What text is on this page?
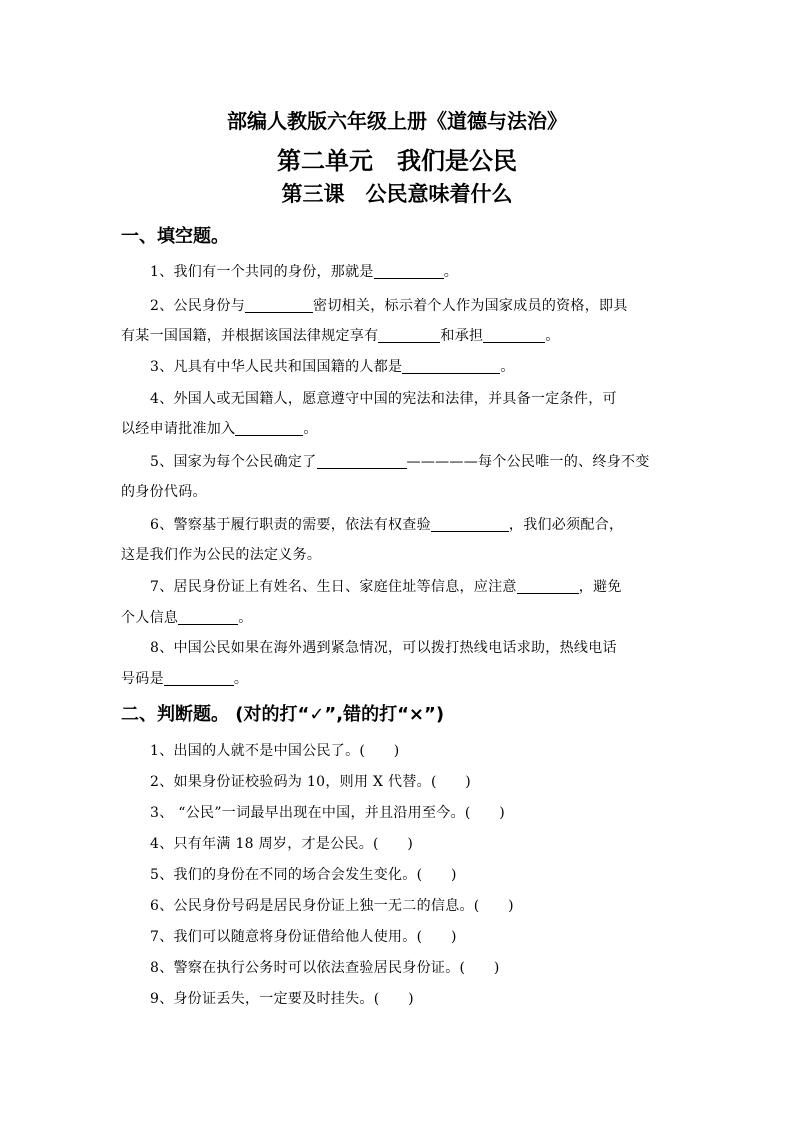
部编人教版六年级上册《道德与法治》
第二单元　我们是公民
第三课　公民意味着什么
一、填空题。
1、我们有一个共同的身份，那就是	。
2、公民身份与	密切相关，标示着个人作为国家成员的资格，即具
有某一国国籍，并根据该国法律规定享有	和承担	。
3、凡具有中华人民共和国国籍的人都是	。
4、外国人或无国籍人，愿意遵守中国的宪法和法律，并具备一定条件，可
以经申请批准加入	。
5、国家为每个公民确定了	—————每个公民唯一的、终身不变
的身份代码。
6、警察基于履行职责的需要，依法有权查验	，我们必须配合，
这是我们作为公民的法定义务。
7、居民身份证上有姓名、生日、家庭住址等信息，应注意	，避免
个人信息	。
8、中国公民如果在海外遇到紧急情况，可以拨打热线电话求助，热线电话
号码是	。
二、判断题。 (对的打“✓”,错的打“×”)
1、出国的人就不是中国公民了。(　　)
2、如果身份证校验码为 10，则用 X 代替。(　　)
3、 “公民”一词最早出现在中国，并且沿用至今。(　　)
4、只有年满 18 周岁，才是公民。(　　)
5、我们的身份在不同的场合会发生变化。(　　)
6、公民身份号码是居民身份证上独一无二的信息。(　　)
7、我们可以随意将身份证借给他人使用。(　　)
8、警察在执行公务时可以依法查验居民身份证。(　　)
9、身份证丢失，一定要及时挂失。(　　)
